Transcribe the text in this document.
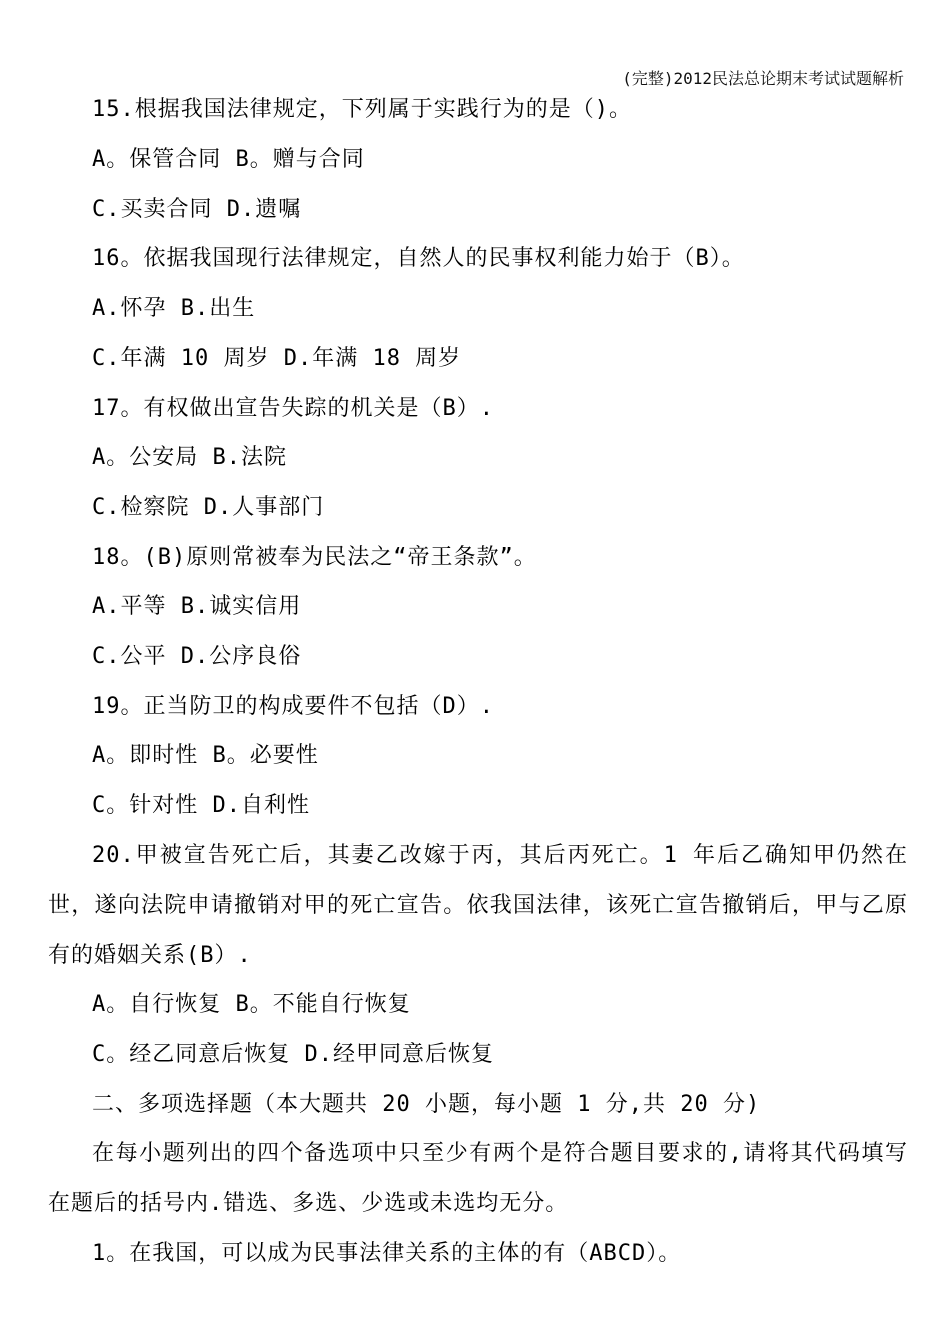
(完整)2012民法总论期末考试试题解析
15.根据我国法律规定，下列属于实践行为的是（)。
A。保管合同 B。赠与合同
C.买卖合同 D.遗嘱
16。依据我国现行法律规定，自然人的民事权利能力始于（B）。
A.怀孕 B.出生
C.年满 10 周岁 D.年满 18 周岁
17。有权做出宣告失踪的机关是（B）.
A。公安局 B.法院
C.检察院 D.人事部门
18。(B)原则常被奉为民法之“帝王条款”。
A.平等 B.诚实信用
C.公平 D.公序良俗
19。正当防卫的构成要件不包括（D）.
A。即时性 B。必要性
C。针对性 D.自利性
20.甲被宣告死亡后，其妻乙改嫁于丙，其后丙死亡。1 年后乙确知甲仍然在世，遂向法院申请撤销对甲的死亡宣告。依我国法律，该死亡宣告撤销后，甲与乙原有的婚姻关系(B）.
A。自行恢复 B。不能自行恢复
C。经乙同意后恢复 D.经甲同意后恢复
二、多项选择题（本大题共 20 小题，每小题 1 分,共 20 分)
在每小题列出的四个备选项中只至少有两个是符合题目要求的,请将其代码填写在题后的括号内.错选、多选、少选或未选均无分。
1。在我国，可以成为民事法律关系的主体的有（ABCD）。
